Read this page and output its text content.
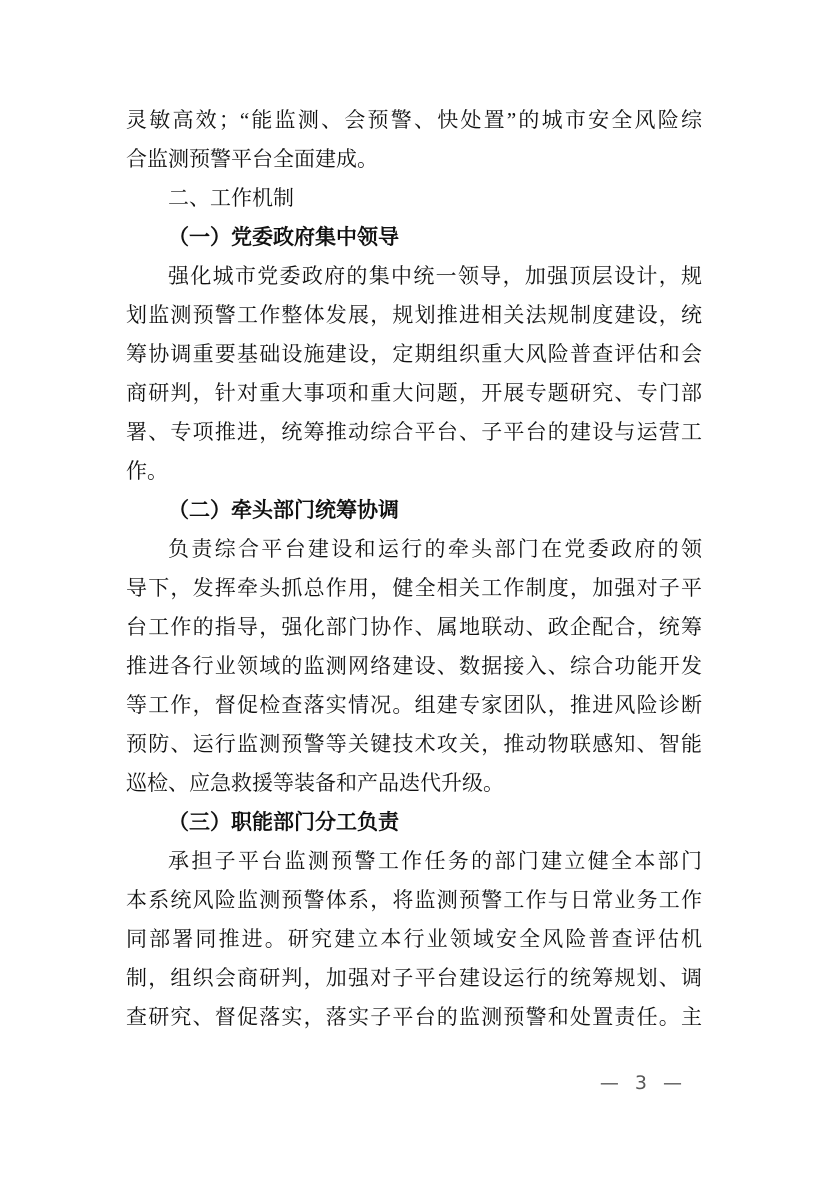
灵敏高效；“能监测、会预警、快处置”的城市安全风险综
合监测预警平台全面建成。
二、工作机制
（一）党委政府集中领导
强化城市党委政府的集中统一领导，加强顶层设计，规
划监测预警工作整体发展，规划推进相关法规制度建设，统
筹协调重要基础设施建设，定期组织重大风险普查评估和会
商研判，针对重大事项和重大问题，开展专题研究、专门部
署、专项推进，统筹推动综合平台、子平台的建设与运营工
作。
（二）牵头部门统筹协调
负责综合平台建设和运行的牵头部门在党委政府的领
导下，发挥牵头抓总作用，健全相关工作制度，加强对子平
台工作的指导，强化部门协作、属地联动、政企配合，统筹
推进各行业领域的监测网络建设、数据接入、综合功能开发
等工作，督促检查落实情况。组建专家团队，推进风险诊断
预防、运行监测预警等关键技术攻关，推动物联感知、智能
巡检、应急救援等装备和产品迭代升级。
（三）职能部门分工负责
承担子平台监测预警工作任务的部门建立健全本部门
本系统风险监测预警体系，将监测预警工作与日常业务工作
同部署同推进。研究建立本行业领域安全风险普查评估机
制，组织会商研判，加强对子平台建设运行的统筹规划、调
查研究、督促落实，落实子平台的监测预警和处置责任。主
— 3 —
